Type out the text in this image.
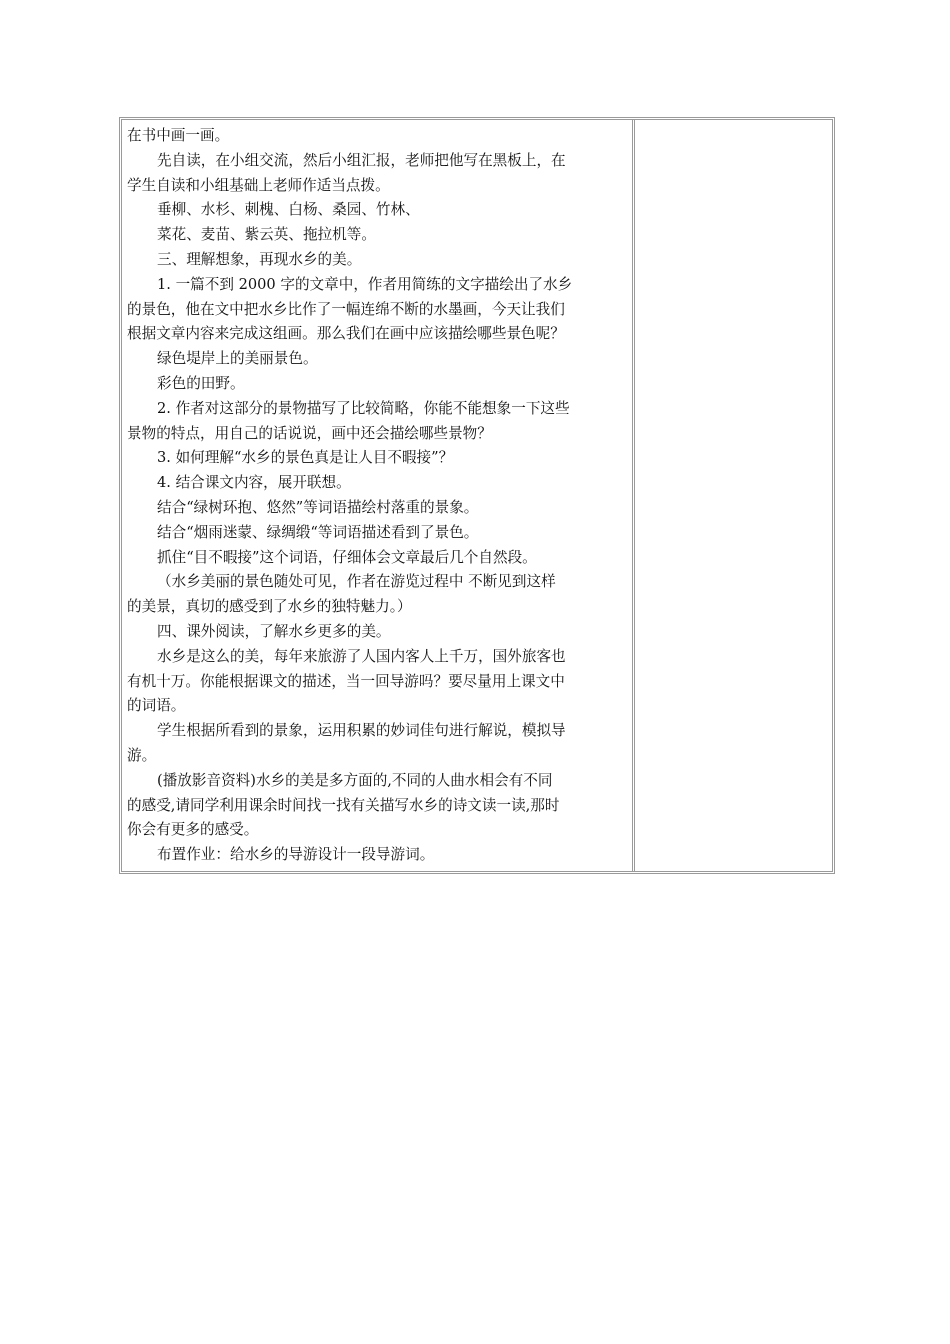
在书中画一画。
先自读，在小组交流，然后小组汇报，老师把他写在黑板上，在
学生自读和小组基础上老师作适当点拨。
垂柳、水杉、刺槐、白杨、桑园、竹林、
菜花、麦苗、紫云英、拖拉机等。
三、理解想象，再现水乡的美。
1. 一篇不到 2000 字的文章中，作者用简练的文字描绘出了水乡
的景色，他在文中把水乡比作了一幅连绵不断的水墨画，今天让我们
根据文章内容来完成这组画。那么我们在画中应该描绘哪些景色呢？
绿色堤岸上的美丽景色。
彩色的田野。
2. 作者对这部分的景物描写了比较简略，你能不能想象一下这些
景物的特点，用自己的话说说，画中还会描绘哪些景物？
3. 如何理解“水乡的景色真是让人目不暇接”？
4. 结合课文内容，展开联想。
结合“绿树环抱、悠然”等词语描绘村落重的景象。
结合“烟雨迷蒙、绿绸缎“等词语描述看到了景色。
抓住“目不暇接”这个词语，仔细体会文章最后几个自然段。
（水乡美丽的景色随处可见，作者在游览过程中 不断见到这样
的美景，真切的感受到了水乡的独特魅力。）
四、课外阅读，了解水乡更多的美。
水乡是这么的美，每年来旅游了人国内客人上千万，国外旅客也
有机十万。你能根据课文的描述，当一回导游吗？要尽量用上课文中
的词语。
学生根据所看到的景象，运用积累的妙词佳句进行解说，模拟导
游。
(播放影音资料)水乡的美是多方面的,不同的人曲水相会有不同
的感受,请同学利用课余时间找一找有关描写水乡的诗文读一读,那时
你会有更多的感受。
布置作业：给水乡的导游设计一段导游词。
